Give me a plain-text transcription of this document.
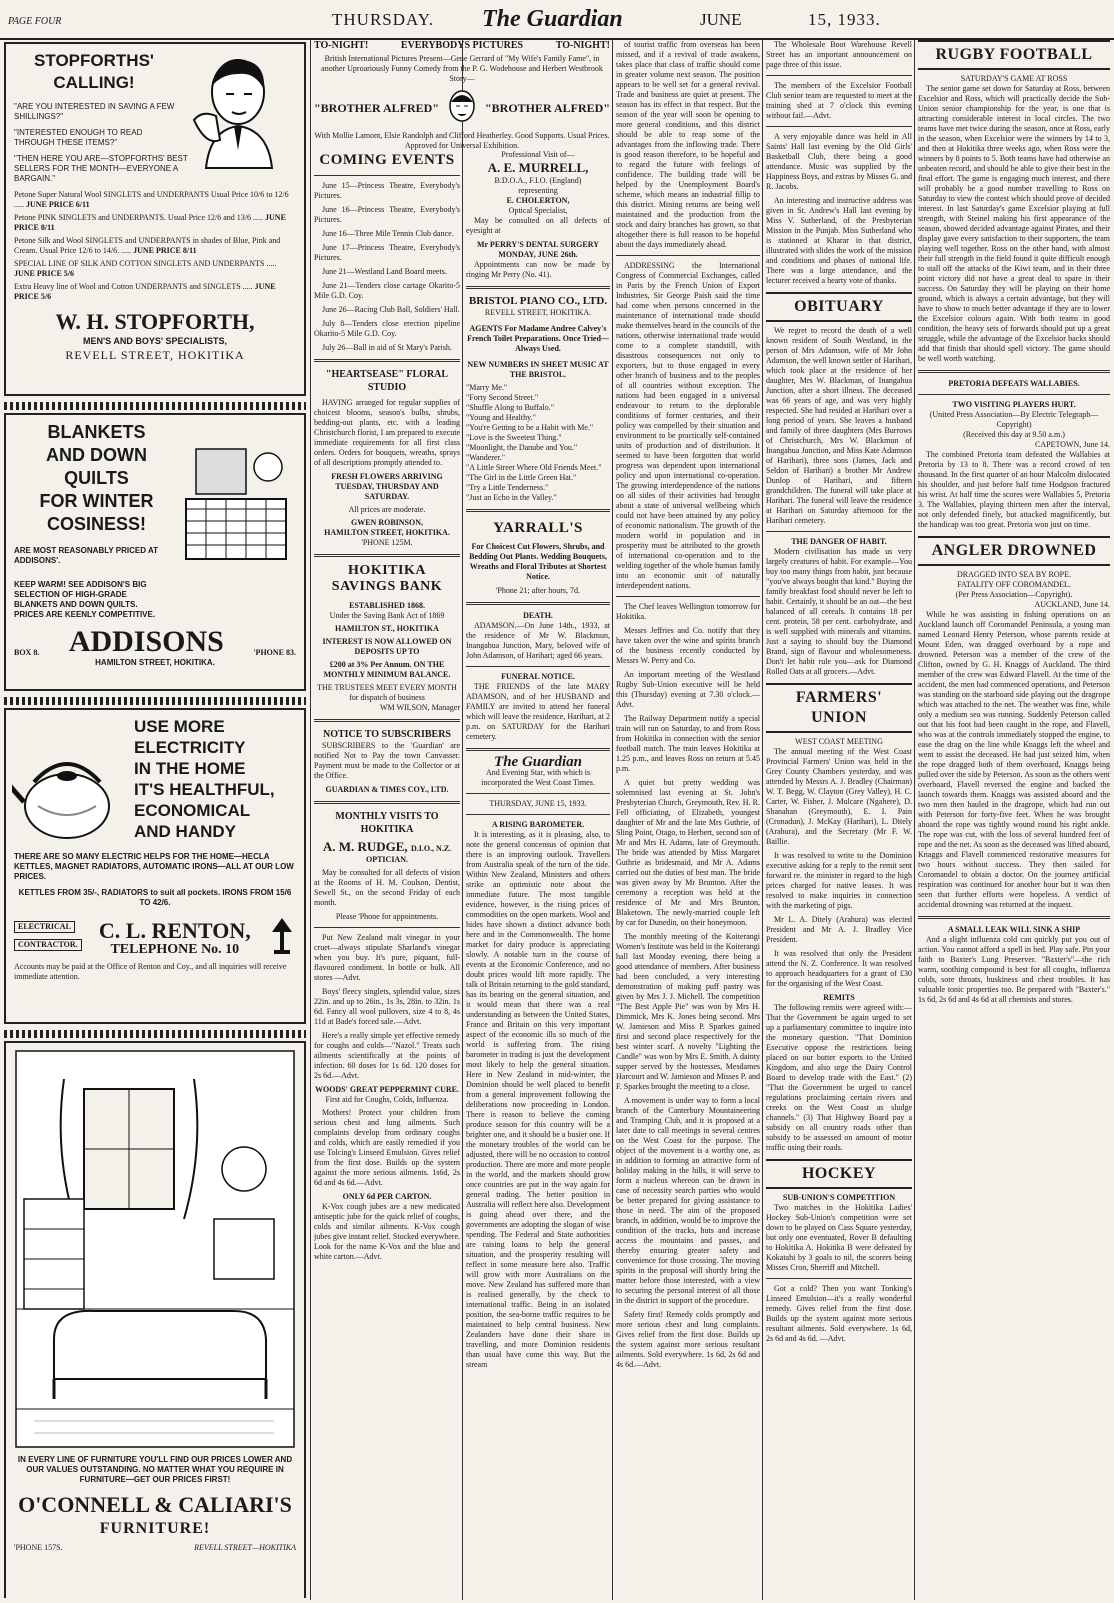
PAGE FOUR	THURSDAY. The Guardian	JUNE	15, 1933.
STOPFORTHS'
CALLING!
"ARE YOU INTERESTED IN SAVING A FEW SHILLINGS?"
"INTERESTED ENOUGH TO READ THROUGH THESE ITEMS?"
"THEN HERE YOU ARE—STOPFORTHS' BEST SELLERS FOR THE MONTH—EVERYONE A BARGAIN."
Petone Super Natural Wool SINGLETS and UNDERPANTS Usual Price 10/6 to 12/6 ..... JUNE PRICE 6/11
Petone PINK SINGLETS and UNDERPANTS. Usual Price 12/6 and 13/6 ..... JUNE PRICE 8/11
Petone Silk and Wool SINGLETS and UNDERPANTS in shades of Blue, Pink and Cream. Usual Price 12/6 to 14/6. ..... JUNE PRICE 8/11
SPECIAL LINE OF SILK AND COTTON SINGLETS AND UNDERPANTS ..... JUNE PRICE 5/6
Extra Heavy line of Wool and Cotton UNDERPANTS and SINGLETS ..... JUNE PRICE 5/6
W. H. STOPFORTH,
MEN'S AND BOYS' SPECIALISTS,
REVELL STREET, HOKITIKA
BLANKETS
AND DOWN QUILTS
FOR WINTER
COSINESS!
ARE MOST REASONABLY PRICED AT ADDISONS'.
KEEP WARM! SEE ADDISON'S BIG SELECTION OF HIGH-GRADE BLANKETS AND DOWN QUILTS. PRICES ARE KEENLY COMPETITIVE.
BOX 8. ADDISONS	'PHONE 83.
HAMILTON STREET, HOKITIKA.
USE MORE
ELECTRICITY
IN THE HOME
IT'S HEALTHFUL,
ECONOMICAL
AND HANDY
THERE ARE SO MANY ELECTRIC HELPS FOR THE HOME—HECLA KETTLES, MAGNET RADIATORS, AUTOMATIC IRONS—ALL AT OUR LOW PRICES.
KETTLES FROM 35/-, RADIATORS to suit all pockets. IRONS FROM 15/6 TO 42/6.
ELECTRICAL
CONTRACTOR.
C. L. RENTON,
TELEPHONE No. 10
Accounts may be paid at the Office of Renton and Coy., and all inquiries will receive immediate attention.
IN EVERY LINE OF FURNITURE YOU'LL FIND OUR PRICES LOWER AND OUR VALUES OUTSTANDING. NO MATTER WHAT YOU REQUIRE IN FURNITURE—GET OUR PRICES FIRST!
O'CONNELL & CALIARI'S
FURNITURE!
'PHONE 157S.	REVELL STREET—HOKITIKA
TO-NIGHT!	EVERYBODYS PICTURES	TO-NIGHT!
British International Pictures Present—Gene Gerrard of "My Wife's Family Fame", in another Uproariously Funny Comedy from the P. G. Wodehouse and Herbert Westbrook Story—
"BROTHER ALFRED"	"BROTHER ALFRED"
With Mollie Lamont, Elsie Randolph and Clifford Heatherley. Good Supports. Usual Prices. Approved for Universal Exhibition.
COMING EVENTS

June 15—Princess Theatre, Everybody's Pictures.

June 16—Princess Theatre, Everybody's Pictures.

June 16—Three Mile Tennis Club dance.

June 17—Princess Theatre, Everybody's Pictures.

June 21—Westland Land Board meets.

June 21—Tenders close cartage Okarito-5 Mile G.D. Coy.

June 26—Racing Club Ball, Soldiers' Hall.

July 8—Tenders close erection pipeline Okarito-5 Mile G.D. Coy.

July 26—Ball in aid of St Mary's Parish.

"HEARTSEASE" FLORAL STUDIO

HAVING arranged for regular supplies of choicest blooms, season's bulbs, shrubs, bedding-out plants, etc. with a leading Christchurch florist, I am prepared to execute immediate requirements for all first class orders. Orders for bouquets, wreaths, sprays of all descriptions promptly attended to.

FRESH FLOWERS ARRIVING TUESDAY, THURSDAY AND SATURDAY.
All prices are moderate.
GWEN ROBINSON,
HAMILTON STREET, HOKITIKA.
'PHONE 125M.
HOKITIKA
SAVINGS BANK
ESTABLISHED 1868.
Under the Saving Bank Act of 1869
HAMILTON ST., HOKITIKA
INTEREST IS NOW ALLOWED ON DEPOSITS UP TO
£200 at 3% Per Annum. ON THE MONTHLY MINIMUM BALANCE.
THE TRUSTEES MEET EVERY MONTH for dispatch of business
WM WILSON, Manager
NOTICE TO SUBSCRIBERS

SUBSCRIBERS to the 'Guardian' are notified Not to Pay the town Canvasser. Payment must be made to the Collector or at the Office.

GUARDIAN & TIMES COY., LTD.
MONTHLY VISITS TO HOKITIKA
A. M. RUDGE, D.I.O., N.Z.
OPTICIAN.

May be consulted for all defects of vision at the Rooms of H. M. Coulson, Dentist, Sewell St., on the second Friday of each month.

Please 'Phone for appointments.

Put New Zealand malt vinegar in your cruet—always stipulate Sharland's vinegar when you buy. It's pure, piquant, full-flavoured condiment. In bottle or bulk. All stores —Advt.

Boys' fleecy singlets, splendid value, sizes 22in. and up to 26in., 1s 3s, 28in. to 32in. 1s 6d. Fancy all wool pullovers, size 4 to 8, 4s 11d at Bade's forced sale.—Advt.

Here's a really simple yet effective remedy for coughs and colds—"Nazol." Treats such ailments scientifically at the points of infection. 60 doses for 1s 6d. 120 doses for 2s 6d.—Advt.

WOODS' GREAT PEPPERMINT CURE.
First aid for Coughs, Colds, Influenza.

Mothers! Protect your children from serious chest and lung ailments. Such complaints develop from ordinary coughs and colds, which are easily remedied if you use Tolcing's Linseed Emulsion. Gives relief from the first dose. Builds up the system against the more serious ailments. 1s6d, 2s 6d and 4s 6d.—Advt.

ONLY 6d PER CARTON.

K-Vox cough jubes are a new medicated antiseptic jube for the quick relief of coughs, colds and similar ailments. K-Vox cough jubes give instant relief. Stocked everywhere. Look for the name K-Vox and the blue and white carton.—Advt.

Professional Visit of—
A. E. MURRELL,
B.D.O.A., F.I.O. (England)
representing
E. CHOLERTON,
Optical Specialist,

May be consulted on all defects of eyesight at

Mr PERRY'S DENTAL SURGERY
MONDAY, JUNE 26th.

Appointments can now be made by ringing Mr Perry (No. 41).

BRISTOL PIANO CO., LTD.
REVELL STREET, HOKITIKA.
AGENTS For Madame Andree Calvey's French Toilet Preparations. Once Tried—Always Used.
NEW NUMBERS IN SHEET MUSIC AT THE BRISTOL.
"Marry Me."
"Forty Second Street."
"Shuffle Along to Buffalo."
"Young and Healthy."
"You're Getting to be a Habit with Me."
"Love is the Sweetest Thing."
"Moonlight, the Danube and You."
"Wanderer."
"A Little Street Where Old Friends Meet."
"The Girl in the Little Green Hat."
"Try a Little Tenderness."
"Just an Echo in the Valley."
YARRALL'S
For Choicest Cut Flowers, Shrubs, and Bedding Out Plants. Wedding Bouquets, Wreaths and Floral Tributes at Shortest Notice.
'Phone 21; after hours, 7d.
DEATH.

ADAMSON.—On June 14th., 1933, at the residence of Mr W. Blackmun, Inangahua Junction, Mary, beloved wife of John Adamson, of Harihari; aged 66 years.

FUNERAL NOTICE.

THE FRIENDS of the late MARY ADAMSON, and of her HUSBAND and FAMILY are invited to attend her funeral which will leave the residence, Harihari, at 2 p.m. on SATURDAY for the Harihari cemetery.

The Guardian
And Evening Star, with which is incorporated the West Coast Times.
THURSDAY, JUNE 15, 1933.
A RISING BAROMETER.

It is interesting, as it is pleasing, also, to note the general concensus of opinion that there is an improving outlook. Travellers from Australia speak of the turn of the tide. Within New Zealand, Ministers and others strike an optimistic note about the immediate future. The most tangible evidence, however, is the rising prices of commodities on the open markets. Wool and hides have shown a distinct advance both here and in the Commonwealth. The home market for dairy produce is appreciating slowly. A notable turn in the course of events at the Economic Conference, and no doubt prices would lift more rapidly. The talk of Britain returning to the gold standard, has its bearing on the general situation, and it would mean that there was a real understanding as between the United States, France and Britain on this very important aspect of the economic ills so much of the world is suffering from. The rising barometer in trading is just the development most likely to help the general situation. Here in New Zealand in mid-winter, the Dominion should be well placed to benefit from a general improvement following the deliberations now proceeding in London. There is reason to believe the coming produce season for this country will be a brighter one, and it should be a busier one. If the monetary troubles of the world can be adjusted, there will be no occasion to control production. There are more and more people in the world, and the markets should grow once countries are put in the way again for general trading. The better position in Australia will reflect here also. Development is going ahead over there, and the governments are adopting the slogan of wise spending. The Federal and State authorities are raising loans to help the general situation, and the prosperity resulting will reflect in some measure here also. Traffic will grow with more Australians on the move. New Zealand has suffered more than is realised generally, by the check to international traffic. Being in an isolated position, the sea-borne traffic requires to be maintained to help central business. New Zealanders have done their share in travelling, and more Dominion residents than usual have come this way. But the stream

of tourist traffic from overseas has been missed, and if a revival of trade awakens, takes place that class of traffic should come in greater volume next season. The position appears to be well set for a general revival. Trade and business are quiet at present. The season has its effect in that respect. But the season of the year will soon be opening to more general conditions, and this district should be able to reap some of the advantages from the inflowing trade. There is good reason therefore, to be hopeful and to regard the future with feelings of confidence. The building trade will be helped by the Unemployment Board's scheme, which means an industrial fillip to this district. Mining returns are being well maintained and the production from the stock and dairy branches has grown, so that altogether there is full reason to be hopeful about the days immediately ahead.

ADDRESSING the International Congress of Commercial Exchanges, called in Paris by the French Union of Export Industries, Sir George Paish said the time had come when persons concerned in the maintenance of international trade should make themselves heard in the councils of the nations, otherwise international trade would come to a complete standstill, with disastrous consequences not only to exporters, but to those engaged in every other branch of business and to the peoples of all countries without exception. The nations had been engaged in a universal endeavour to return to the deplorable conditions of former centuries, and their policy was compelled by their situation and environment to be practically self-contained units of production and of distribution. It seemed to have been forgotten that world progress was dependent upon international policy and upon international co-operation. The growing interdependence of the nations on all sides of their activities had brought about a state of universal wellbeing which could not have been attained by any policy of economic nationalism. The growth of the modern world in population and in prosperity must be attributed to the growth of international co-operation and to the welding together of the whole human family into an economic unit of naturally interdependent nations.

The Chef leaves Wellington tomorrow for Hokitika.

Messrs Jeffries and Co. notify that they have taken over the wine and spirits branch of the business recently conducted by Messrs W. Perry and Co.

An important meeting of the Westland Rugby Sub-Union executive will be held this (Thursday) evening at 7.30 o'clock.—Advt.

The Railway Department notify a special train will run on Saturday, to and from Ross from Hokitika in connection with the senior football match. The train leaves Hokitika at 1.25 p.m., and leaves Ross on return at 5.45 p.m.

A quiet but pretty wedding was solemnised last evening at St. John's Presbyterian Church, Greymouth, Rev. H. R. Fell officiating, of Elizabeth, youngest daughter of Mr and the late Mrs Guthrie, of Sling Point, Otago, to Herbert, second son of Mr and Mrs H. Adams, late of Greymouth. The bride was attended by Miss Margaret Guthrie as bridesmaid, and Mr A. Adams carried out the duties of best man. The bride was given away by Mr Brunton. After the ceremony a reception was held at the residence of Mr and Mrs Brunton, Blaketown. The newly-married couple left by car for Dunedin, on their honeymoon.

The monthly meeting of the Koiterangi Women's Institute was held in the Koiterangi hall last Monday evening, there being a good attendance of members. After business had been concluded, a very interesting demonstration of making puff pastry was given by Mrs J. J. Michell. The competition "The Best Apple Pie" was won by Mrs H. Dimmick, Mrs K. Jones being second. Mrs W. Jamieson and Miss P. Sparkes gained first and second place respectively for the best winter scarf. A novelty "Lighting the Candle" was won by Mrs E. Smith. A dainty supper served by the hostesses, Mesdames Harcourt and W. Jamieson and Misses P. and F. Sparkes brought the meeting to a close.

A movement is under way to form a local branch of the Canterbury Mountaineering and Tramping Club, and it is proposed at a later date to call meetings in several centres on the West Coast for the purpose. The object of the movement is a worthy one, as in addition to forming an attractive form of holiday making in the hills, it will serve to form a nucleus whereon can be drawn in case of necessity search parties who would be better prepared for giving assistance to those in need. The aim of the proposed branch, in addition, would be to improve the condition of the tracks, huts and increase access the mountains and passes, and thereby ensuring greater safety and convenience for those crossing. The moving spirits in the proposal will shortly bring the matter before those interested, with a view to securing the personal interest of all those in the district in support of the procedure.

Safety first! Remedy colds promptly and more serious chest and lung complaints. Gives relief from the first dose. Builds up the system against more serious resultant ailments. Sold everywhere. 1s 6d, 2s 6d and 4s 6d.—Advt.

The Wholesale Boot Warehouse Revell Street has an important announcement on page three of this issue.

The members of the Excelsior Football Club senior team are requested to meet at the training shed at 7 o'clock this evening without fail.—Advt.

A very enjoyable dance was held in All Saints' Hall last evening by the Old Girls' Basketball Club, there being a good attendance. Music was supplied by the Happiness Boys, and extras by Misses G. and R. Jacobs.

An interesting and instructive address was given in St. Andrew's Hall last evening by Miss V. Sutherland, of the Presbyterian Mission in the Punjab. Miss Sutherland who is stationed at Kharar in that district, illustrated with slides the work of the mission and conditions and phases of national life. There was a large attendance, and the lecturer received a hearty vote of thanks.

OBITUARY

We regret to record the death of a well known resident of South Westland, in the person of Mrs Adamson, wife of Mr John Adamson, the well known settler of Harihari, which took place at the residence of her daughter, Mrs W. Blackman, of Inangahua Junction, after a short illness. The deceased was 66 years of age, and was very highly respected. She had resided at Harihari over a long period of years. She leaves a husband and family of three daughters (Mrs Burrows of Christchurch, Mrs W. Blackmun of Inangahua Junction, and Miss Kate Adamson of Harihari), three sons (James, Jack and Seldon of Harihari) a brother Mr Andrew Dunlop of Harihari, and fifteen grandchildren. The funeral will take place at Harihari. The funeral will leave the residence at Harihari on Saturday afternoon for the Harihari cemetery.

THE DANGER OF HABIT.

Modern civilisation has made us very largely creatures of habit. For example—You buy too many things from habit, just because "you've always bought that kind." Buying the family breakfast food should never be left to habit. Certainly, it should be an oat—the best balanced of all cereals. It contains 18 per cent. protein, 58 per cent. carbohydrate, and is well supplied with minerals and vitamins. Just a saying to should buy the Diamond Brand, sign of flavour and wholesomeness. Don't let habit rule you—ask for Diamond Rolled Oats at all grocers.—Advt.

FARMERS' UNION
WEST COAST MEETING

The annual meeting of the West Coast Provincial Farmers' Union was held in the Grey County Chambers yesterday, and was attended by Messrs A. J. Bradley (Chairman) W. T. Begg, W. Clayton (Grey Valley), H. C. Carter, W. Fisher, J. Mulcare (Ngahere), D. Shanahan (Greymouth), E. I. Pain (Cronadun), J. McKay (Harihari), L. Ditely (Arahura), and the Secretary (Mr F. W. Baillie.

It was resolved to write to the Dominion executive asking for a reply to the remit sent forward re. the minister in regard to the high prices charged for native leases. It was resolved to make inquiries in connection with the marketing of pigs.

Mr L. A. Ditely (Arahura) was elected President and Mr A. J. Bradley Vice President.

It was resolved that only the President attend the N. Z. Conference. It was resolved to approach headquarters for a grant of £30 for the organising of the West Coast.

REMITS

The following remits were agreed with:—That the Government be again urged to set up a parliamentary committee to inquire into the monetary question. "That Dominion Executive oppose the restrictions being placed on our butter exports to the United Kingdom, and also urge the Dairy Control Board to develop trade with the East." (2) "That the Government be urged to cancel regulations proclaiming certain rivers and creeks on the West Coast as sludge channels." (3) That Highway Board pay a subsidy on all country roads other than subsidy to be assessed on amount of motor traffic using their roads.

HOCKEY
SUB-UNION'S COMPETITION

Two matches in the Hokitika Ladies' Hockey Sub-Union's competition were set down to be played on Cass Square yesterday, but only one eventuated, Rover B defaulting to Hokitika A. Hokitika B were defeated by Kokatahi by 3 goals to nil, the scorers being Misses Cron, Sherriff and Mitchell.

Got a cold? Then you want Tonking's Linseed Emulsion—it's a really wonderful remedy. Gives relief from the first dose. Builds up the system against more serious resultant ailments. Sold everywhere. 1s 6d, 2s 6d and 4s 6d. —Advt.

RUGBY FOOTBALL
SATURDAY'S GAME AT ROSS

The senior game set down for Saturday at Ross, between Excelsior and Ross, which will practically decide the Sub-Union senior championship for the year, is one that is attracting considerable interest in local circles. The two teams have met twice during the season, once at Ross, early in the season, when Excelsior were the winners by 14 to 3, and then at Hokitika three weeks ago, when Ross were the winners by 8 points to 5. Both teams have had otherwise an unbeaten record, and should be able to give their best in the final effort. The game is engaging much interest, and there will probably be a good number travelling to Ross on Saturday to view the contest which should prove of decided interest. In last Saturday's game Excelsior playing at full strength, with Steinel making his first appearance of the season, showed decided advantage against Pirates, and their display gave every satisfaction to their supporters, the team playing well together. Ross on the other hand, with almost their full strength in the field found it quite difficult enough to stall off the attacks of the Kiwi team, and in their three point victory did not have a great deal to spare in their success. On Saturday they will be playing on their home ground, which is always a certain advantage, but they will have to show to much better advantage if they are to lower the Excelsior colours again. With both teams in good condition, the heavy sets of forwards should put up a great struggle, while the advantage of the Excelsior backs should add that finish that should spell victory. The game should be well worth watching.

PRETORIA DEFEATS WALLABIES.
TWO VISITING PLAYERS HURT.
(United Press Association—By Electric Telegraph—Copyright)
(Received this day at 9.50 a.m.)
CAPETOWN, June 14.

The combined Pretoria team defeated the Wallabies at Pretoria by 13 to 8. There was a record crowd of ten thousand. In the first quarter of an hour Malcolm dislocated his shoulder, and just before half time Hodgson fractured his wrist. At half time the scores were Wallabies 5, Pretoria 3. The Wallabies, playing thirteen men after the interval, not only defended finely, but attacked magnificently, but the handicap was too great. Pretoria won just on time.

ANGLER DROWNED
DRAGGED INTO SEA BY ROPE.
FATALITY OFF COROMANDEL.
(Per Press Association—Copyright).
AUCKLAND, June 14.

While he was assisting in fishing operations on an Auckland launch off Coromandel Peninsula, a young man named Leonard Henry Peterson, whose parents reside at Mount Eden, was dragged overboard by a rope and drowned. Peterson was a member of the crew of the Clifton, owned by G. H. Knaggs of Auckland. The third member of the crew was Edward Flavell. At the time of the accident, the men had commenced operations, and Peterson was standing on the starboard side playing out the dragrope which was attached to the net. The weather was fine, while only a medium sea was running. Suddenly Peterson called out that his foot had been caught in the rope, and Flavell, who was at the controls immediately stopped the engine, to ease the drag on the line while Knaggs left the wheel and went to assist the deceased. He had just seized him, when the rope dragged both of them overboard, Knaggs being pulled over the side by Peterson. As soon as the others went overboard, Flavell reversed the engine and backed the launch towards them. Knaggs was assisted aboard and the two men then hauled in the dragrope, which had run out with Peterson for forty-five feet. When he was brought aboard the rope was tightly wound round his right ankle. The rope was cut, with the loss of several hundred feet of rope and the net. As soon as the deceased was lifted aboard, Knaggs and Flavell commenced restorative measures for two hours without success. They then sailed for Coromandel to obtain a doctor. On the journey artificial respiration was continued for another hour but it was then seen that further efforts were hopeless. A verdict of accidental drowning was returned at the inquest.

A SMALL LEAK WILL SINK A SHIP

And a slight influenza cold can quickly put you out of action. You cannot afford a spell in bed. Play safe. Pin your faith to Baxter's Lung Preserver. "Baxter's"—the rich warm, soothing compound is best for all coughs, influenza colds, sore throats, huskiness and chest troubles. It has valuable tonic properties too. Be prepared with "Baxter's." 1s 6d, 2s 6d and 4s 6d at all chemists and stores.
